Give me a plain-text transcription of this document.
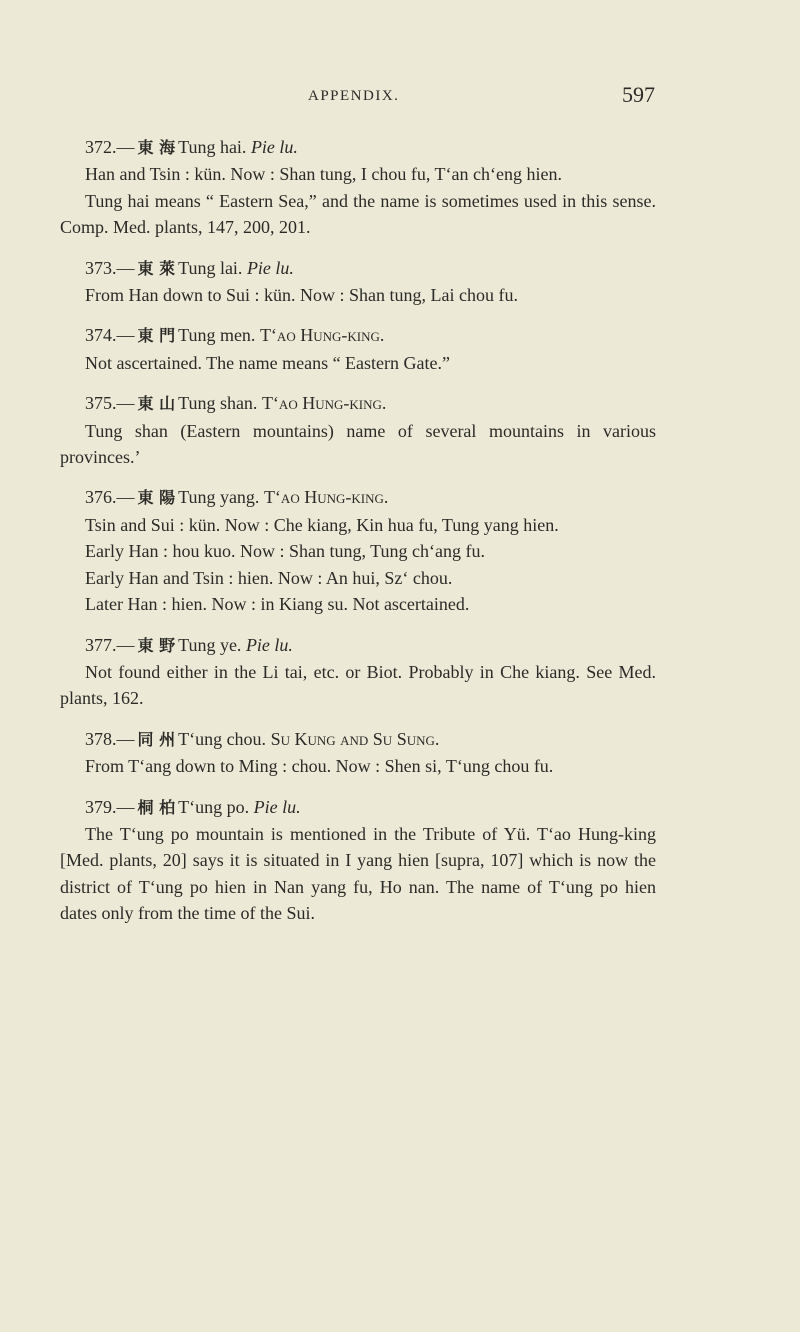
APPENDIX.	597

372.— 東 海 Tung hai. Pie lu.

Han and Tsin : kün. Now : Shan tung, I chou fu, T‘an ch‘eng hien.

Tung hai means “ Eastern Sea,” and the name is sometimes used in this sense. Comp. Med. plants, 147, 200, 201.

373.— 東 萊 Tung lai. Pie lu.

From Han down to Sui : kün. Now : Shan tung, Lai chou fu.

374.— 東 門 Tung men. T‘ao Hung-king.

Not ascertained. The name means “ Eastern Gate.”

375.— 東 山 Tung shan. T‘ao Hung-king.

Tung shan (Eastern mountains) name of several mountains in various provinces.’

376.— 東 陽 Tung yang. T‘ao Hung-king.

Tsin and Sui : kün. Now : Che kiang, Kin hua fu, Tung yang hien.

Early Han : hou kuo. Now : Shan tung, Tung ch‘ang fu.

Early Han and Tsin : hien. Now : An hui, Sz‘ chou.

Later Han : hien. Now : in Kiang su. Not ascertained.

377.— 東 野 Tung ye. Pie lu.

Not found either in the Li tai, etc. or Biot. Probably in Che kiang. See Med. plants, 162.

378.— 同 州 T‘ung chou. Su Kung and Su Sung.

From T‘ang down to Ming : chou. Now : Shen si, T‘ung chou fu.

379.— 桐 柏 T‘ung po. Pie lu.

The T‘ung po mountain is mentioned in the Tribute of Yü. T‘ao Hung-king [Med. plants, 20] says it is situated in I yang hien [supra, 107] which is now the district of T‘ung po hien in Nan yang fu, Ho nan. The name of T‘ung po hien dates only from the time of the Sui.
